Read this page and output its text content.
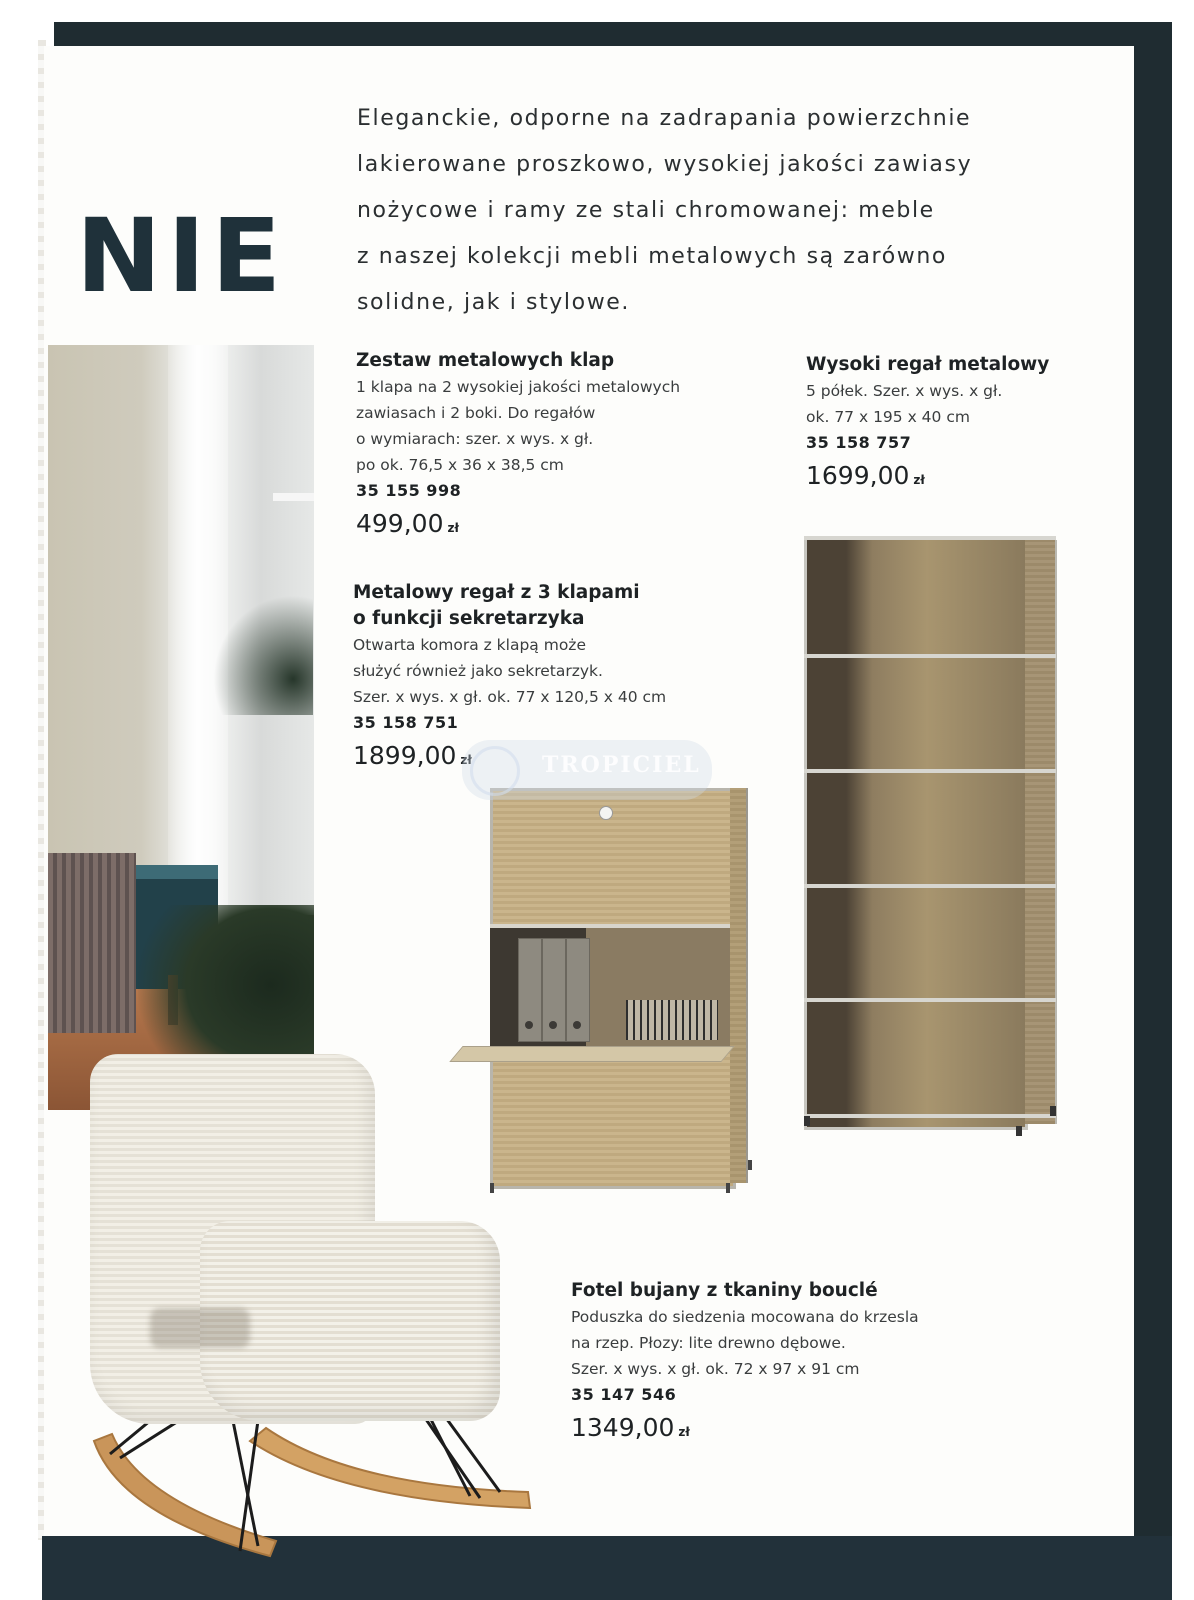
NIE
Eleganckie, odporne na zadrapania powierzchnie
lakierowane proszkowo, wysokiej jakości zawiasy
nożycowe i ramy ze stali chromowanej: meble
z naszej kolekcji mebli metalowych są zarówno
solidne, jak i stylowe.
Zestaw metalowych klap
1 klapa na 2 wysokiej jakości metalowych
zawiasach i 2 boki. Do regałów
o wymiarach: szer. x wys. x gł.
po ok. 76,5 x 36 x 38,5 cm
35 155 998
499,00 zł
Wysoki regał metalowy
5 półek. Szer. x wys. x gł.
ok. 77 x 195 x 40 cm
35 158 757
1699,00 zł
Metalowy regał z 3 klapami
o funkcji sekretarzyka
Otwarta komora z klapą może
służyć również jako sekretarzyk.
Szer. x wys. x gł. ok. 77 x 120,5 x 40 cm
35 158 751
1899,00 zł
Fotel bujany z tkaniny bouclé
Poduszka do siedzenia mocowana do krzesla
na rzep. Płozy: lite drewno dębowe.
Szer. x wys. x gł. ok. 72 x 97 x 91 cm
35 147 546
1349,00 zł
TROPICIEL
